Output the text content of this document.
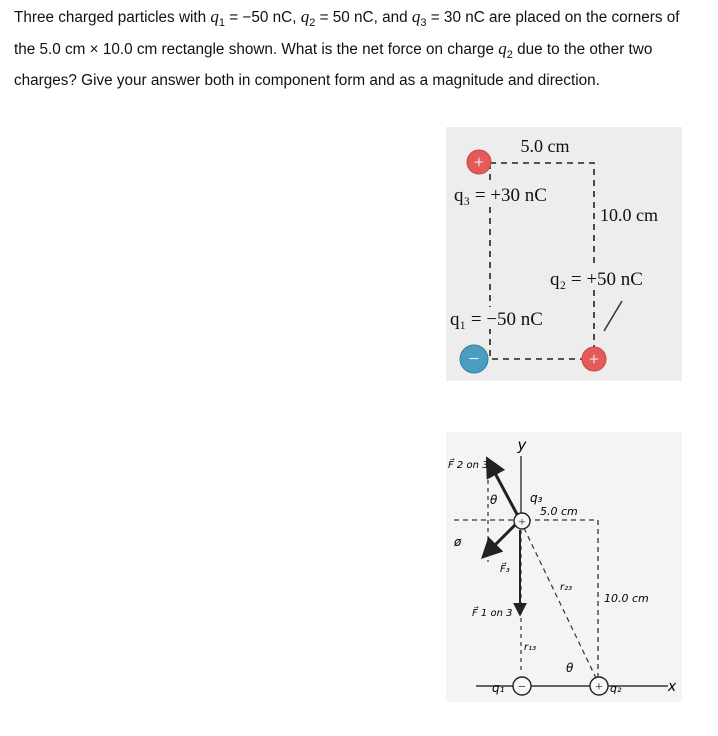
Three charged particles with $q_1 = -50$ nC, $q_2 = 50$ nC, and $q_3 = 30$ nC are placed on the corners of the 5.0 cm × 10.0 cm rectangle shown. What is the net force on charge $q_2$ due to the other two charges? Give your answer both in component form and as a magnitude and direction.

+
−	+
5.0 cm
q₃ = +30 nC
10.0 cm
q₂ = +50 nC
q₁ = −50 nC
+
−	+
y
x
q₃
q₁	q₂
5.0 cm
10.0 cm
F⃗ 2 on 3
F⃗ 1 on 3
F⃗₃
θ
θ
ø
r₂₃
r₁₃
